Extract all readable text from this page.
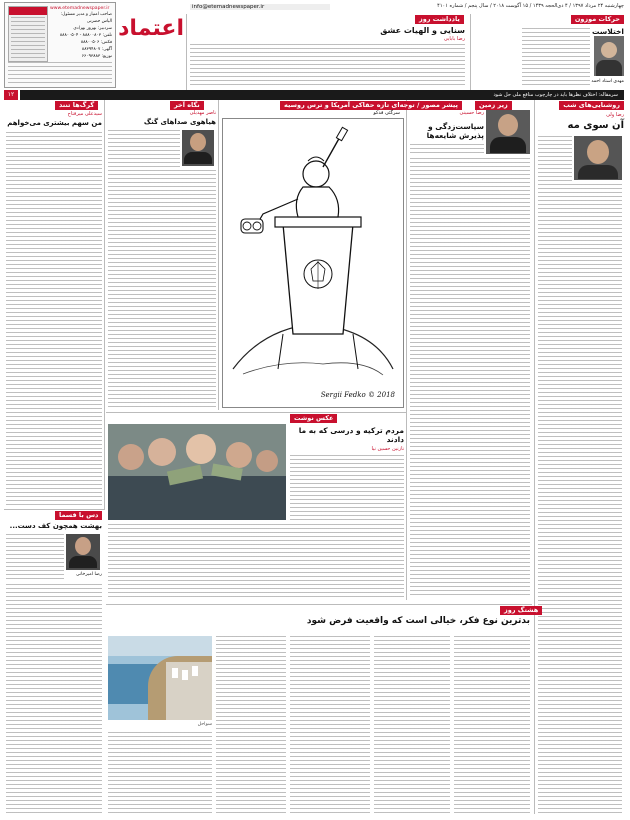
چهارشنبه ۲۴ مرداد ۱۳۹۷ / ۴ ذی‌الحجه ۱۴۳۹ / ۱۵ آگوست ۲۰۱۸ / سال پنجم / شماره ۴۱۰۱
www.etemadnewspaper.ir
صاحب امتیاز و مدیر مسئول: الیاس حضرتی
سردبیر: بهروز بهزادی
تلفن: ۸۸۸۰۰۸۰۳ - ۸۸۸۰۰۵۰۴
فکس: ۸۸۸۰۰۵۰۶
آگهی: ۸۸۳۹۴۸۰۷
توزیع: ۶۶۰۹۳۸۸۳
اعتماد
info@etemadnewspaper.ir
۱۲	سرمقاله: اختلاف نظرها باید در چارچوب منافع ملی حل شود
یادداشت روز
سنایی و الهیات عشق
رضا بابایی
حرکات موزون
اختلاست
مهدی استاد احمد
روشنایی‌های شب
رضا ولی
آن سوی مه
زیر زمین
رضا حسینی
سیاست‌زدگی و پذیرش شایعه‌ها
پیشر مصور / توجه‌ای تازه حقاکی آمریکا و ترس روسیه
سرگئی فدکو
Sergii Fedko © 2018
نگاه آخر
ناصر مهدیلی
هیاهوی صداهای گنگ
گرگ‌ها تنند
سیدعلی میرفتاح
من سهم بیشتری می‌خواهم
عکس نوشت
مردم ترکیه و درسی که به ما دادند
نازنین حسین نیا
دس با قسما
بهشت همچون کف دست...
رضا امیرخانی
هشتگ روز
بدترین نوع فکر، خیالی است که واقعیت فرض شود
سواحل
